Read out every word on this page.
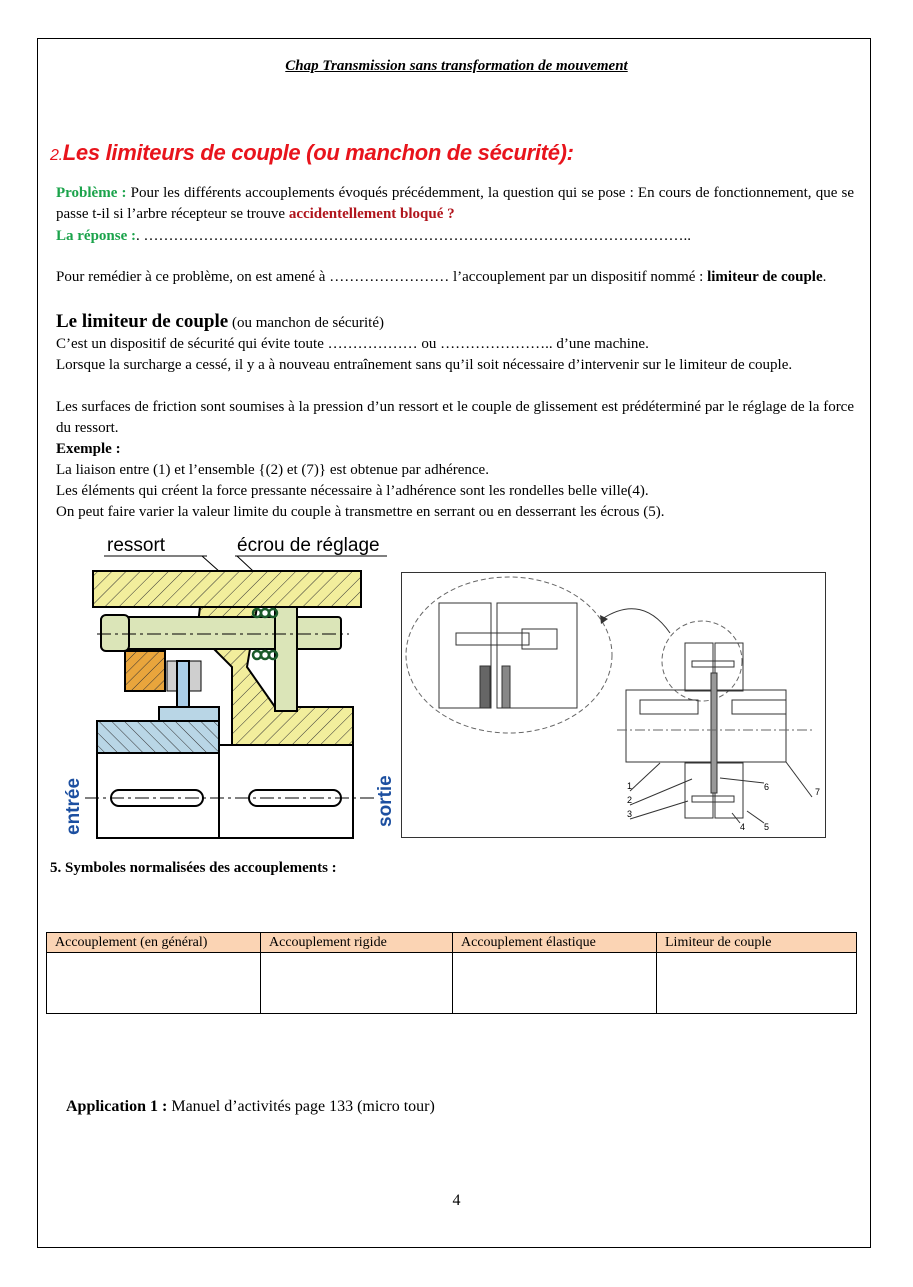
Chap Transmission sans transformation de mouvement
2.Les limiteurs de couple (ou manchon de sécurité):
Problème : Pour les différents accouplements évoqués précédemment, la question qui se pose : En cours de fonctionnement, que se passe t-il si l’arbre récepteur se trouve accidentellement bloqué ?
La réponse :. ………………………………………………………………………………………………..
Pour remédier à ce problème, on est amené à …………………… l’accouplement par un dispositif nommé : limiteur de couple.
Le limiteur de couple (ou manchon de sécurité)
C’est un dispositif de sécurité qui évite toute ……………… ou ………………….. d’une machine.
Lorsque la surcharge a cessé, il y a à nouveau entraînement sans qu’il soit nécessaire d’intervenir sur le limiteur de couple.
Les surfaces de friction sont soumises à la pression d’un ressort et le couple de glissement est prédéterminé par le réglage de la force du ressort.
Exemple :
La liaison entre (1) et l’ensemble {(2) et (7)} est obtenue par adhérence.
Les éléments qui créent la force pressante nécessaire à l’adhérence sont les rondelles belle ville(4).
On peut faire varier la valeur limite du couple à transmettre en serrant ou en desserrant les écrous (5).
ressort	écrou de réglage
entrée	sortie	1
2
3
4 5
6	7
5. Symboles normalisées des accouplements :
Accouplement (en général)	Accouplement rigide	Accouplement élastique	Limiteur de couple

Application 1 : Manuel d’activités page 133 (micro tour)
4
